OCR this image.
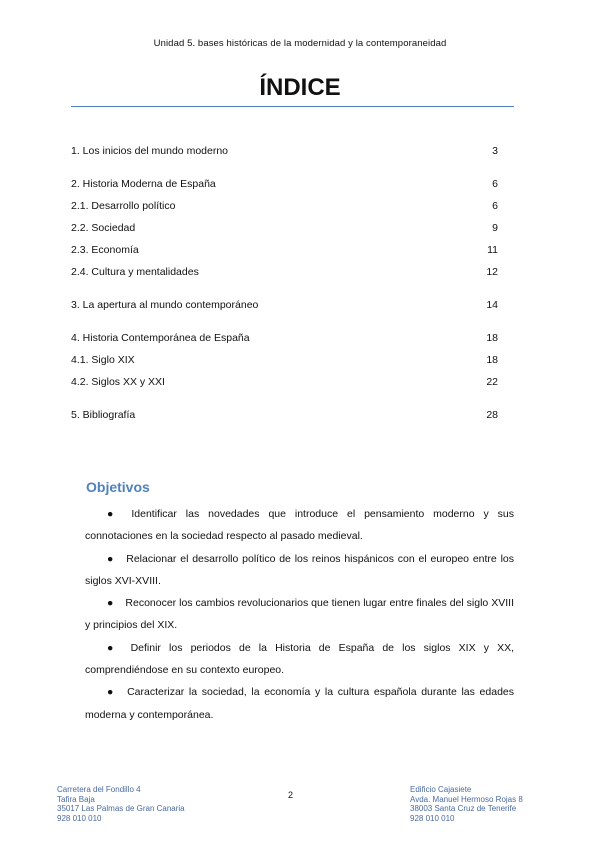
Unidad 5. bases históricas de la modernidad y la contemporaneidad
ÍNDICE
1. Los inicios del mundo moderno	3
2. Historia Moderna de España	6
2.1. Desarrollo político	6
2.2. Sociedad	9
2.3. Economía	11
2.4. Cultura y mentalidades	12
3. La apertura al mundo contemporáneo	14
4. Historia Contemporánea de España	18
4.1. Siglo XIX	18
4.2. Siglos XX y XXI	22
5. Bibliografía	28
Objetivos

● Identificar las novedades que introduce el pensamiento moderno y sus connotaciones en la sociedad respecto al pasado medieval.

● Relacionar el desarrollo político de los reinos hispánicos con el europeo entre los siglos XVI-XVIII.

● Reconocer los cambios revolucionarios que tienen lugar entre finales del siglo XVIII y principios del XIX.

● Definir los periodos de la Historia de España de los siglos XIX y XX, comprendiéndose en su contexto europeo.

● Caracterizar la sociedad, la economía y la cultura española durante las edades moderna y contemporánea.

Carretera del Fondillo 4
Tafira Baja
35017 Las Palmas de Gran Canaria
928 010 010
2
Edificio Cajasiete
Avda. Manuel Hermoso Rojas 8
38003 Santa Cruz de Tenerife
928 010 010
